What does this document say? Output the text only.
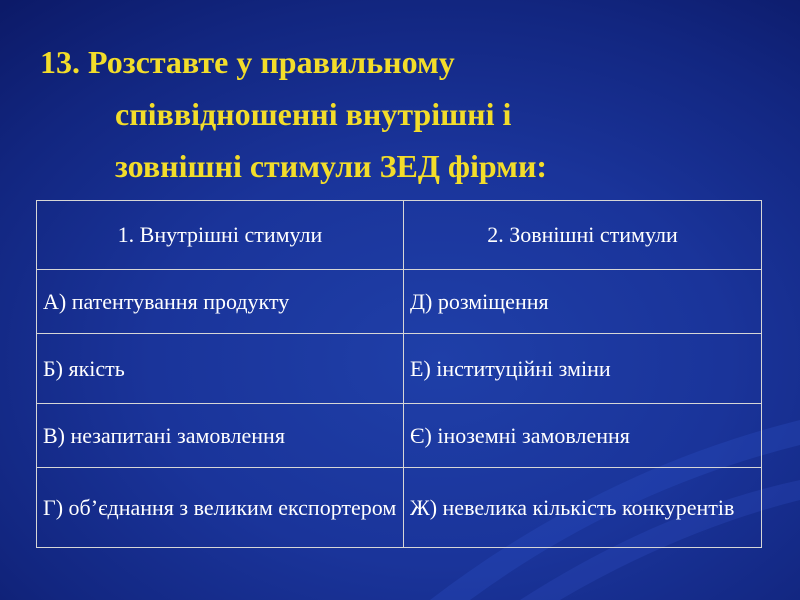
13. Розставте у правильному
співвідношенні внутрішні і
зовнішні стимули ЗЕД фірми:
1. Внутрішні стимули	2. Зовнішні стимули
А) патентування продукту	Д) розміщення
Б) якість	Е) інституційні зміни
В) незапитані замовлення	Є) іноземні замовлення
Г) об’єднання з великим експортером	Ж) невелика кількість конкурентів
